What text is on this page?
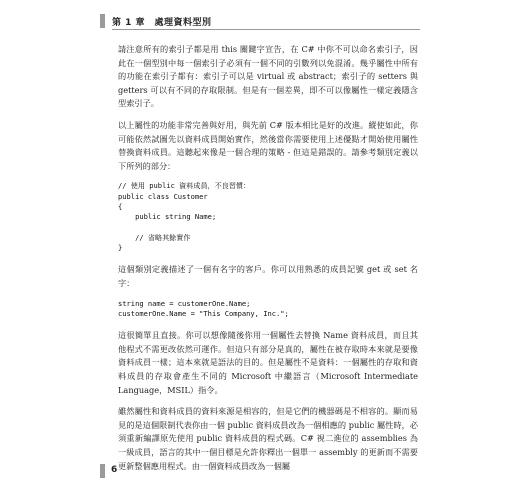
第 1 章　處理資料型別

請注意所有的索引子都是用 this 關鍵字宣告，在 C# 中你不可以命名索引子，因此在一個型別中每一個索引子必須有一個不同的引數列以免混淆。幾乎屬性中所有的功能在索引子都有：索引子可以是 virtual 或 abstract；索引子的 setters 與 getters 可以有不同的存取限制。但是有一個差異，即不可以像屬性一樣定義隱含型索引子。

以上屬性的功能非常完善與好用，與先前 C# 版本相比是好的改進。縱使如此，你可能依然試圖先以資料成員開始實作，然後當你需要使用上述優點才開始使用屬性替換資料成員。這聽起來像是一個合理的策略 - 但這是錯誤的。請參考類別定義以下所列的部分：

// 使用 public 資料成員，不良習慣：
public class Customer
{
public string Name;

// 省略其餘實作
}

這個類別定義描述了一個有名字的客戶。你可以用熟悉的成員記號 get 或 set 名字：

string name = customerOne.Name;
customerOne.Name = "This Company, Inc.";

這很簡單且直接。你可以想像隨後你用一個屬性去替換 Name 資料成員，而且其他程式不需更改依然可運作。但這只有部分是真的，屬性在被存取時本來就是要像資料成員一樣；這本來就是語法的目的。但是屬性不是資料：一個屬性的存取和資料成員的存取會產生不同的 Microsoft 中繼語言（Microsoft Intermediate Language，MSIL）指令。

雖然屬性和資料成員的資料來源是相容的，但是它們的機器碼是不相容的。顯而易見的是這個限制代表你由一個 public 資料成員改為一個相應的 public 屬性時，必須重新編譯原先使用 public 資料成員的程式碼。C# 視二進位的 assemblies 為一級成員，語言的其中一個目標是允許你釋出一個單一 assembly 的更新而不需要更新整個應用程式。由一個資料成員改為一個屬

6
